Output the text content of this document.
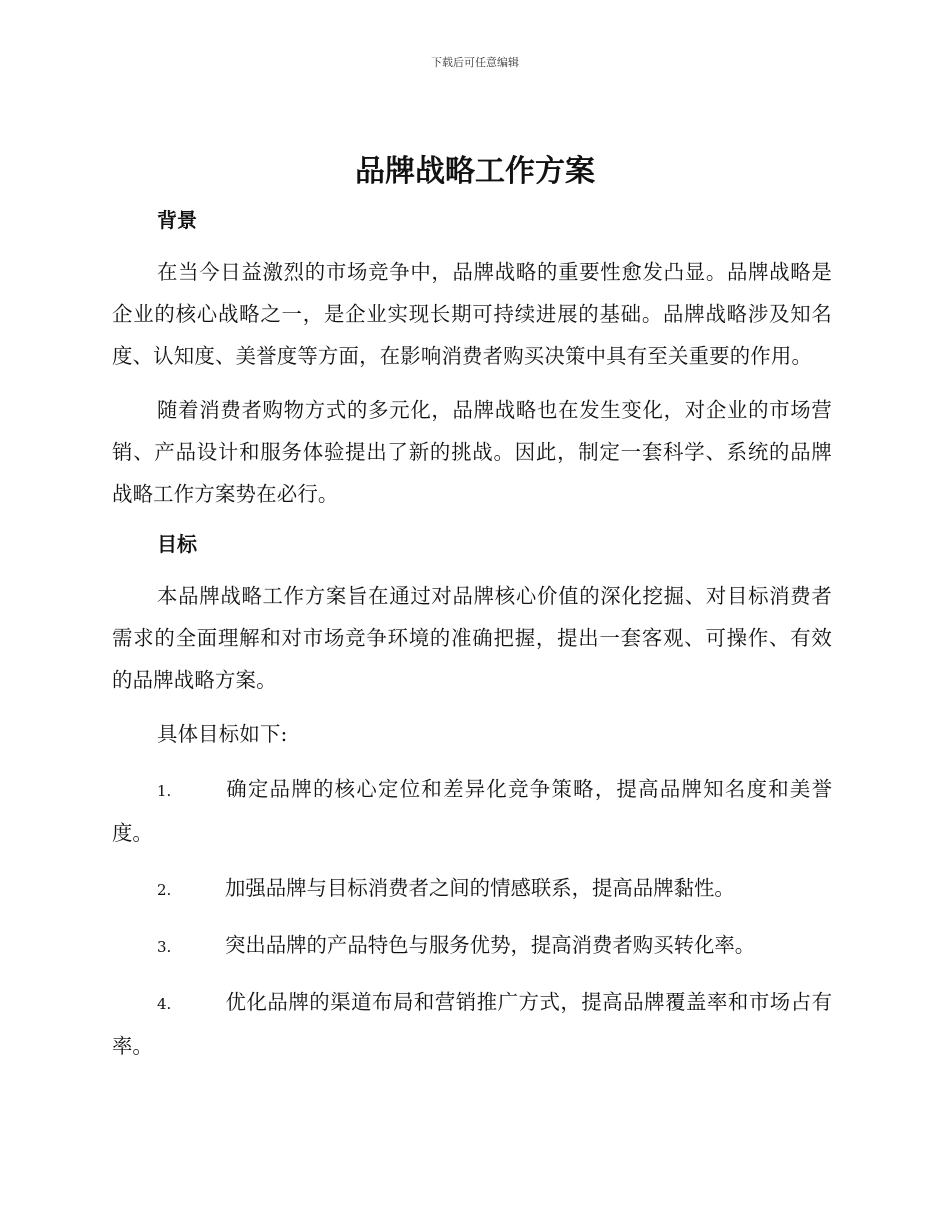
下载后可任意编辑
品牌战略工作方案
背景

在当今日益激烈的市场竞争中，品牌战略的重要性愈发凸显。品牌战略是企业的核心战略之一，是企业实现长期可持续进展的基础。品牌战略涉及知名度、认知度、美誉度等方面，在影响消费者购买决策中具有至关重要的作用。

随着消费者购物方式的多元化，品牌战略也在发生变化，对企业的市场营销、产品设计和服务体验提出了新的挑战。因此，制定一套科学、系统的品牌战略工作方案势在必行。

目标

本品牌战略工作方案旨在通过对品牌核心价值的深化挖掘、对目标消费者需求的全面理解和对市场竞争环境的准确把握，提出一套客观、可操作、有效的品牌战略方案。

具体目标如下:

1.	确定品牌的核心定位和差异化竞争策略，提高品牌知名度和美誉度。

2.	加强品牌与目标消费者之间的情感联系，提高品牌黏性。

3.	突出品牌的产品特色与服务优势，提高消费者购买转化率。

4.	优化品牌的渠道布局和营销推广方式，提高品牌覆盖率和市场占有率。
